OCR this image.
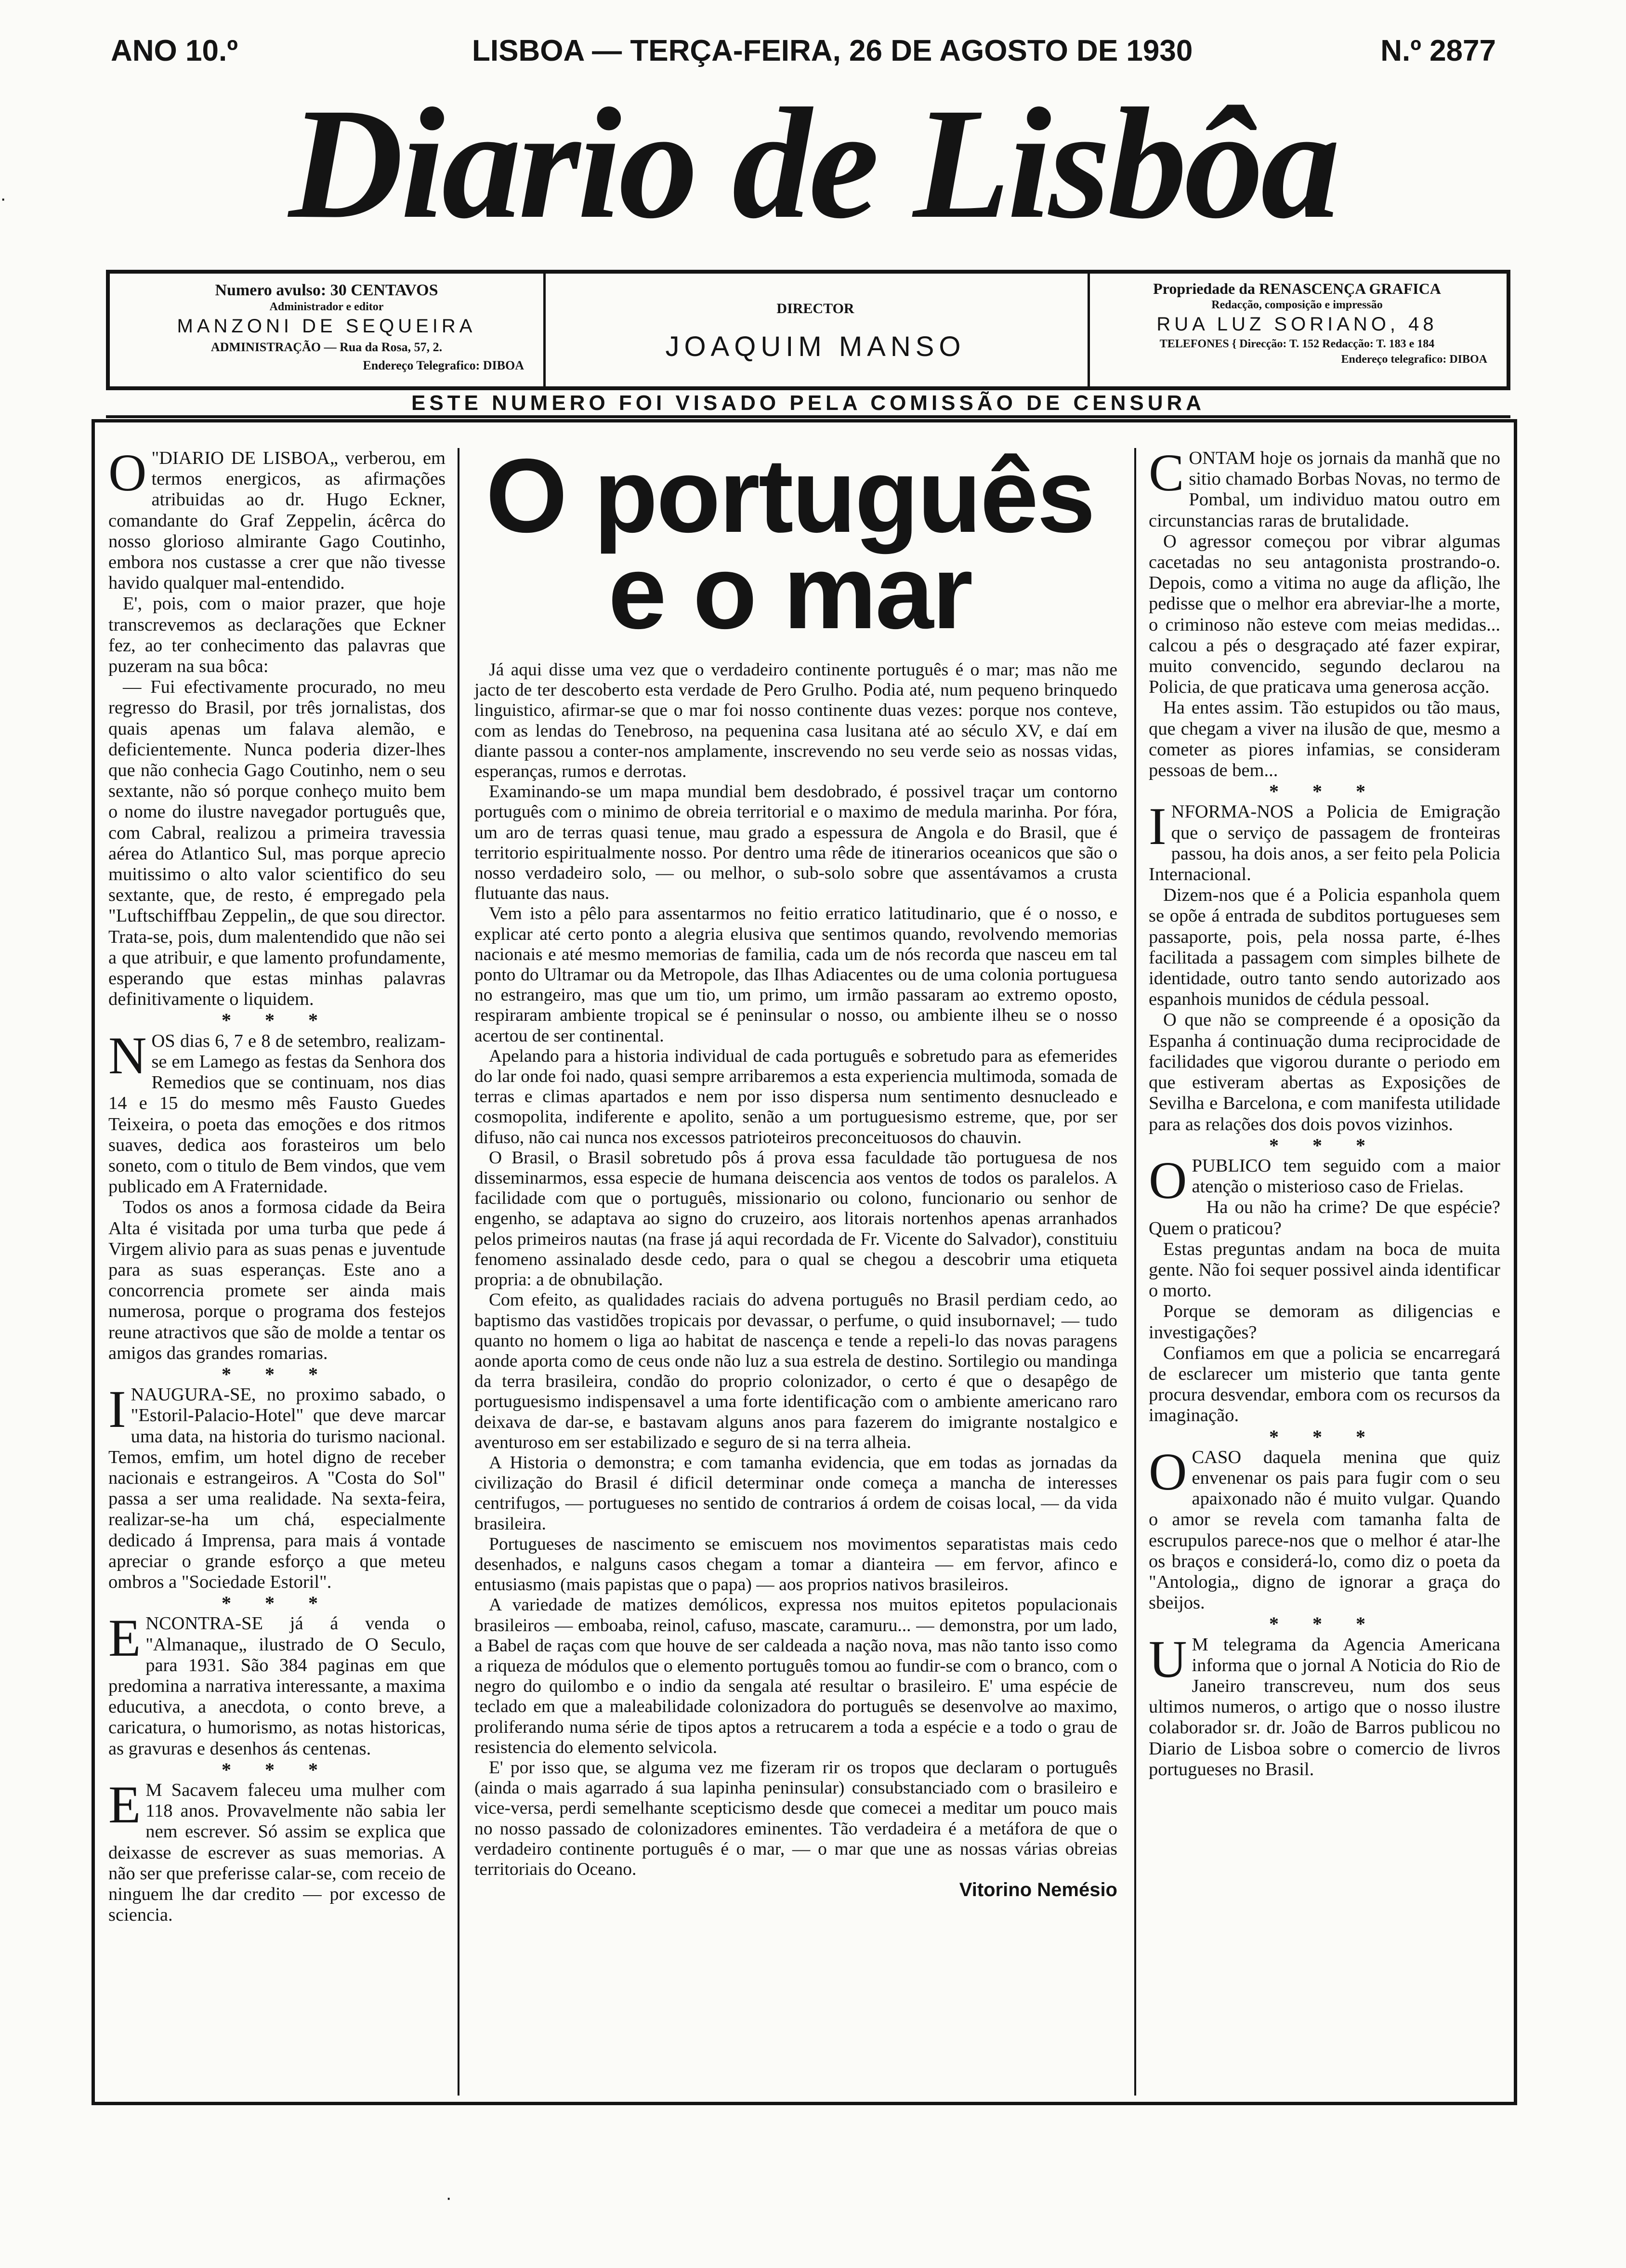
ANO 10.º	LISBOA — TERÇA-FEIRA, 26 DE AGOSTO DE 1930	N.º 2877
Diario de Lisbôa
Numero avulso: 30 CENTAVOS
Administrador e editor
MANZONI DE SEQUEIRA
ADMINISTRAÇÃO — Rua da Rosa, 57, 2.
Endereço Telegrafico: DIBOA
DIRECTOR
JOAQUIM MANSO
Propriedade da RENASCENÇA GRAFICA
Redacção, composição e impressão
RUA LUZ SORIANO, 48
TELEFONES { Direcção: T. 152 Redacção: T. 183 e 184
Endereço telegrafico: DIBOA
ESTE NUMERO FOI VISADO PELA COMISSÃO DE CENSURA

O "DIARIO DE LISBOA„ verberou, em termos energicos, as afirmações atribuidas ao dr. Hugo Eckner, comandante do Graf Zeppelin, ácêrca do nosso glorioso almirante Gago Coutinho, embora nos custasse a crer que não tivesse havido qualquer mal-entendido.

E', pois, com o maior prazer, que hoje transcrevemos as declarações que Eckner fez, ao ter conhecimento das palavras que puzeram na sua bôca:

— Fui efectivamente procurado, no meu regresso do Brasil, por três jornalistas, dos quais apenas um falava alemão, e deficientemente. Nunca poderia dizer-lhes que não conhecia Gago Coutinho, nem o seu sextante, não só porque conheço muito bem o nome do ilustre navegador português que, com Cabral, realizou a primeira travessia aérea do Atlantico Sul, mas porque aprecio muitissimo o alto valor scientifico do seu sextante, que, de resto, é empregado pela "Luftschiffbau Zeppelin„ de que sou director. Trata-se, pois, dum malentendido que não sei a que atribuir, e que lamento profundamente, esperando que estas minhas palavras definitivamente o liquidem.

* * *

NOS dias 6, 7 e 8 de setembro, realizam-se em Lamego as festas da Senhora dos Remedios que se continuam, nos dias 14 e 15 do mesmo mês Fausto Guedes Teixeira, o poeta das emoções e dos ritmos suaves, dedica aos forasteiros um belo soneto, com o titulo de Bem vindos, que vem publicado em A Fraternidade.

Todos os anos a formosa cidade da Beira Alta é visitada por uma turba que pede á Virgem alivio para as suas penas e juventude para as suas esperanças. Este ano a concorrencia promete ser ainda mais numerosa, porque o programa dos festejos reune atractivos que são de molde a tentar os amigos das grandes romarias.

* * *

INAUGURA-SE, no proximo sabado, o "Estoril-Palacio-Hotel" que deve marcar uma data, na historia do turismo nacional. Temos, emfim, um hotel digno de receber nacionais e estrangeiros. A "Costa do Sol" passa a ser uma realidade. Na sexta-feira, realizar-se-ha um chá, especialmente dedicado á Imprensa, para mais á vontade apreciar o grande esforço a que meteu ombros a "Sociedade Estoril".

* * *

ENCONTRA-SE já á venda o "Almanaque„ ilustrado de O Seculo, para 1931. São 384 paginas em que predomina a narrativa interessante, a maxima educutiva, a anecdota, o conto breve, a caricatura, o humorismo, as notas historicas, as gravuras e desenhos ás centenas.

* * *

E M Sacavem faleceu uma mulher com 118 anos. Provavelmente não sabia ler nem escrever. Só assim se explica que deixasse de escrever as suas memorias. A não ser que preferisse calar-se, com receio de ninguem lhe dar credito — por excesso de sciencia.

O português
e o mar

Já aqui disse uma vez que o verdadeiro continente português é o mar; mas não me jacto de ter descoberto esta verdade de Pero Grulho. Podia até, num pequeno brinquedo linguistico, afirmar-se que o mar foi nosso continente duas vezes: porque nos conteve, com as lendas do Tenebroso, na pequenina casa lusitana até ao século XV, e daí em diante passou a conter-nos amplamente, inscrevendo no seu verde seio as nossas vidas, esperanças, rumos e derrotas.

Examinando-se um mapa mundial bem desdobrado, é possivel traçar um contorno português com o minimo de obreia territorial e o maximo de medula marinha. Por fóra, um aro de terras quasi tenue, mau grado a espessura de Angola e do Brasil, que é territorio espiritualmente nosso. Por dentro uma rêde de itinerarios oceanicos que são o nosso verdadeiro solo, — ou melhor, o sub-solo sobre que assentávamos a crusta flutuante das naus.

Vem isto a pêlo para assentarmos no feitio erratico latitudinario, que é o nosso, e explicar até certo ponto a alegria elusiva que sentimos quando, revolvendo memorias nacionais e até mesmo memorias de familia, cada um de nós recorda que nasceu em tal ponto do Ultramar ou da Metropole, das Ilhas Adiacentes ou de uma colonia portuguesa no estrangeiro, mas que um tio, um primo, um irmão passaram ao extremo oposto, respiraram ambiente tropical se é peninsular o nosso, ou ambiente ilheu se o nosso acertou de ser continental.

Apelando para a historia individual de cada português e sobretudo para as efemerides do lar onde foi nado, quasi sempre arribaremos a esta experiencia multimoda, somada de terras e climas apartados e nem por isso dispersa num sentimento desnucleado e cosmopolita, indiferente e apolito, senão a um portuguesismo estreme, que, por ser difuso, não cai nunca nos excessos patrioteiros preconceituosos do chauvin.

O Brasil, o Brasil sobretudo pôs á prova essa faculdade tão portuguesa de nos disseminarmos, essa especie de humana deiscencia aos ventos de todos os paralelos. A facilidade com que o português, missionario ou colono, funcionario ou senhor de engenho, se adaptava ao signo do cruzeiro, aos litorais nortenhos apenas arranhados pelos primeiros nautas (na frase já aqui recordada de Fr. Vicente do Salvador), constituiu fenomeno assinalado desde cedo, para o qual se chegou a descobrir uma etiqueta propria: a de obnubilação.

Com efeito, as qualidades raciais do advena português no Brasil perdiam cedo, ao baptismo das vastidões tropicais por devassar, o perfume, o quid insubornavel; — tudo quanto no homem o liga ao habitat de nascença e tende a repeli-lo das novas paragens aonde aporta como de ceus onde não luz a sua estrela de destino. Sortilegio ou mandinga da terra brasileira, condão do proprio colonizador, o certo é que o desapêgo de portuguesismo indispensavel a uma forte identificação com o ambiente americano raro deixava de dar-se, e bastavam alguns anos para fazerem do imigrante nostalgico e aventuroso em ser estabilizado e seguro de si na terra alheia.

A Historia o demonstra; e com tamanha evidencia, que em todas as jornadas da civilização do Brasil é dificil determinar onde começa a mancha de interesses centrifugos, — portugueses no sentido de contrarios á ordem de coisas local, — da vida brasileira.

Portugueses de nascimento se emiscuem nos movimentos separatistas mais cedo desenhados, e nalguns casos chegam a tomar a dianteira — em fervor, afinco e entusiasmo (mais papistas que o papa) — aos proprios nativos brasileiros.

A variedade de matizes demólicos, expressa nos muitos epitetos populacionais brasileiros — emboaba, reinol, cafuso, mascate, caramuru... — demonstra, por um lado, a Babel de raças com que houve de ser caldeada a nação nova, mas não tanto isso como a riqueza de módulos que o elemento português tomou ao fundir-se com o branco, com o negro do quilombo e o indio da sengala até resultar o brasileiro. E' uma espécie de teclado em que a maleabilidade colonizadora do português se desenvolve ao maximo, proliferando numa série de tipos aptos a retrucarem a toda a espécie e a todo o grau de resistencia do elemento selvicola.

E' por isso que, se alguma vez me fizeram rir os tropos que declaram o português (ainda o mais agarrado á sua lapinha peninsular) consubstanciado com o brasileiro e vice-versa, perdi semelhante scepticismo desde que comecei a meditar um pouco mais no nosso passado de colonizadores eminentes. Tão verdadeira é a metáfora de que o verdadeiro continente português é o mar, — o mar que une as nossas várias obreias territoriais do Oceano.

Vitorino Nemésio

CONTAM hoje os jornais da manhã que no sitio chamado Borbas Novas, no termo de Pombal, um individuo matou outro em circunstancias raras de brutalidade.

O agressor começou por vibrar algumas cacetadas no seu antagonista prostrando-o. Depois, como a vitima no auge da aflição, lhe pedisse que o melhor era abreviar-lhe a morte, o criminoso não esteve com meias medidas... calcou a pés o desgraçado até fazer expirar, muito convencido, segundo declarou na Policia, de que praticava uma generosa acção.

Ha entes assim. Tão estupidos ou tão maus, que chegam a viver na ilusão de que, mesmo a cometer as piores infamias, se consideram pessoas de bem...

* * *

INFORMA-NOS a Policia de Emigração que o serviço de passagem de fronteiras passou, ha dois anos, a ser feito pela Policia Internacional.

Dizem-nos que é a Policia espanhola quem se opõe á entrada de subditos portugueses sem passaporte, pois, pela nossa parte, é-lhes facilitada a passagem com simples bilhete de identidade, outro tanto sendo autorizado aos espanhois munidos de cédula pessoal.

O que não se compreende é a oposição da Espanha á continuação duma reciprocidade de facilidades que vigorou durante o periodo em que estiveram abertas as Exposições de Sevilha e Barcelona, e com manifesta utilidade para as relações dos dois povos vizinhos.

* * *

OPUBLICO tem seguido com a maior atenção o misterioso caso de Frielas.

Ha ou não ha crime? De que espécie? Quem o praticou?

Estas preguntas andam na boca de muita gente. Não foi sequer possivel ainda identificar o morto.

Porque se demoram as diligencias e investigações?

Confiamos em que a policia se encarregará de esclarecer um misterio que tanta gente procura desvendar, embora com os recursos da imaginação.

* * *

OCASO daquela menina que quiz envenenar os pais para fugir com o seu apaixonado não é muito vulgar. Quando o amor se revela com tamanha falta de escrupulos parece-nos que o melhor é atar-lhe os braços e considerá-lo, como diz o poeta da "Antologia„ digno de ignorar a graça do sbeijos.

* * *

U M telegrama da Agencia Americana informa que o jornal A Noticia do Rio de Janeiro transcreveu, num dos seus ultimos numeros, o artigo que o nosso ilustre colaborador sr. dr. João de Barros publicou no Diario de Lisboa sobre o comercio de livros portugueses no Brasil.

·
·
